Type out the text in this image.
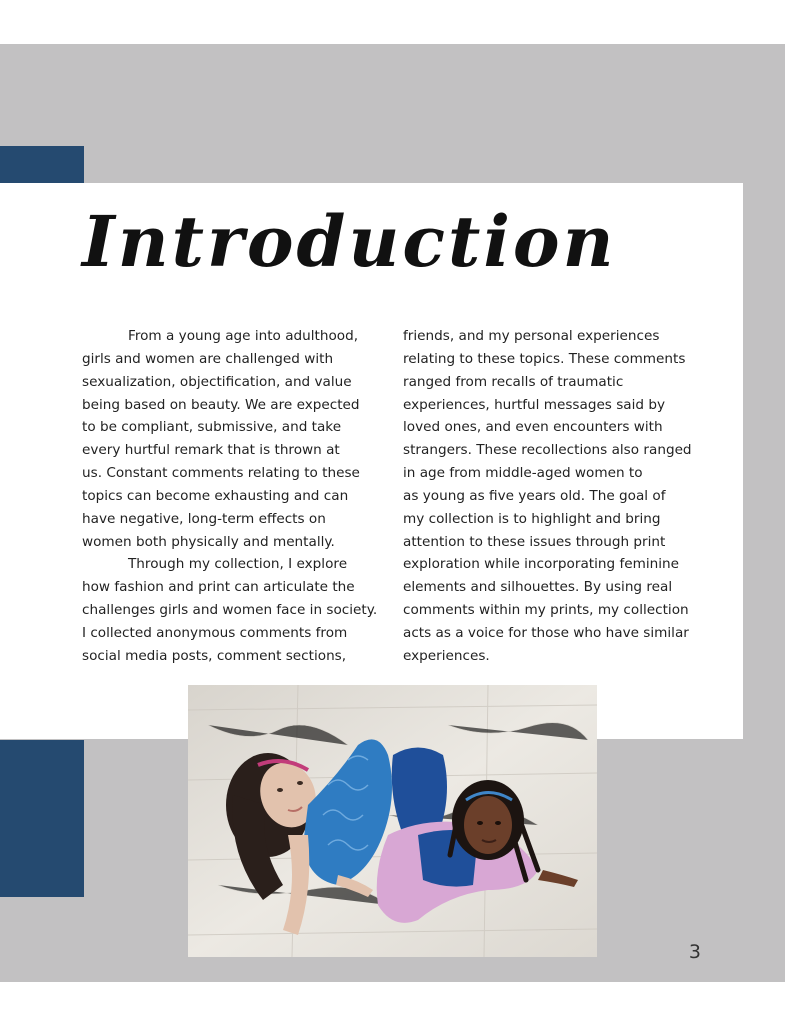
Introduction
From a young age into adulthood,
girls and women are challenged with
sexualization, objectification, and value
being based on beauty. We are expected
to be compliant, submissive, and take
every hurtful remark that is thrown at
us. Constant comments relating to these
topics can become exhausting and can
have negative, long-term effects on
women both physically and mentally.
Through my collection, I explore
how fashion and print can articulate the
challenges girls and women face in society.
I collected anonymous comments from
social media posts, comment sections,
friends, and my personal experiences
relating to these topics. These comments
ranged from recalls of traumatic
experiences, hurtful messages said by
loved ones, and even encounters with
strangers. These recollections also ranged
in age from middle-aged women to
as young as five years old. The goal of
my collection is to highlight and bring
attention to these issues through print
exploration while incorporating feminine
elements and silhouettes. By using real
comments within my prints, my collection
acts as a voice for those who have similar
experiences.
3
